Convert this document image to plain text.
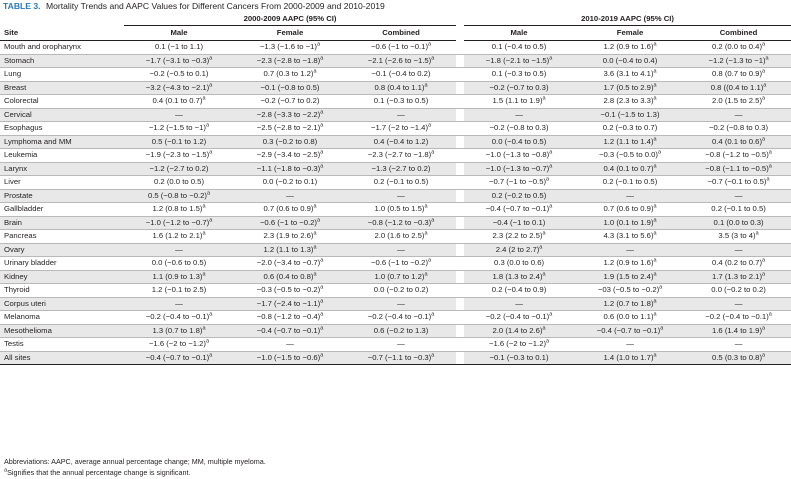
TABLE 3. Mortality Trends and AAPC Values for Different Cancers From 2000-2009 and 2010-2019
	2000-2009 AAPC (95% CI)				2010-2019 AAPC (95% CI)		
Site	Male	Female	Combined		Male	Female	Combined
Mouth and oropharynx	0.1 (−1 to 1.1)	−1.3 (−1.6 to −1)$^a$	−0.6 (−1 to −0.1)$^a$		0.1 (−0.4 to 0.5)	1.2 (0.9 to 1.6)$^a$	0.2 (0.0 to 0.4)$^a$
Stomach	−1.7 (−3.1 to −0.3)$^a$	−2.3 (−2.8 to −1.8)$^a$	−2.1 (−2.6 to −1.5)$^a$		−1.8 (−2.1 to −1.5)$^a$	0.0 (−0.4 to 0.4)	−1.2 (−1.3 to −1)$^a$
Lung	−0.2 (−0.5 to 0.1)	0.7 (0.3 to 1.2)$^a$	−0.1 (−0.4 to 0.2)		0.1 (−0.3 to 0.5)	3.6 (3.1 to 4.1)$^a$	0.8 (0.7 to 0.9)$^a$
Breast	−3.2 (−4.3 to −2.1)$^a$	−0.1 (−0.8 to 0.5)	0.8 (0.4 to 1.1)$^a$		−0.2 (−0.7 to 0.3)	1.7 (0.5 to 2.9)$^a$	0.8 ((0.4 to 1.1)$^a$
Colorectal	0.4 (0.1 to 0.7)$^a$	−0.2 (−0.7 to 0.2)	0.1 (−0.3 to 0.5)		1.5 (1.1 to 1.9)$^a$	2.8 (2.3 to 3.3)$^a$	2.0 (1.5 to 2.5)$^a$
Cervical	—	−2.8 (−3.3 to −2.2)$^a$	—		—	−0.1 (−1.5 to 1.3)	—
Esophagus	−1.2 (−1.5 to −1)$^a$	−2.5 (−2.8 to −2.1)$^a$	−1.7 (−2 to −1.4)$^a$		−0.2 (−0.8 to 0.3)	0.2 (−0.3 to 0.7)	−0.2 (−0.8 to 0.3)
Lymphoma and MM	0.5 (−0.1 to 1.2)	0.3 (−0.2 to 0.8)	0.4 (−0.4 to 1.2)		0.0 (−0.4 to 0.5)	1.2 (1.1 to 1.4)$^a$	0.4 (0.1 to 0.6)$^a$
Leukemia	−1.9 (−2.3 to −1.5)$^a$	−2.9 (−3.4 to −2.5)$^a$	−2.3 (−2.7 to −1.8)$^a$		−1.0 (−1.3 to −0.8)$^a$	−0.3 (−0.5 to 0.0)$^a$	−0.8 (−1.2 to −0.5)$^a$
Larynx	−1.2 (−2.7 to 0.2)	−1.1 (−1.8 to −0.3)$^a$	−1.3 (−2.7 to 0.2)		−1.0 (−1.3 to −0.7)$^a$	0.4 (0.1 to 0.7)$^a$	−0.8 (−1.1 to −0.5)$^a$
Liver	0.2 (0.0 to 0.5)	0.0 (−0.2 to 0.1)	0.2 (−0.1 to 0.5)		−0.7 (−1 to −0.5)$^a$	0.2 (−0.1 to 0.5)	−0.7 (−0.1 to 0.5)$^a$
Prostate	0.5 (−0.8 to −0.2)$^a$	—	—		0.2 (−0.2 to 0.5)	—	—
Gallbladder	1.2 (0.8 to 1.5)$^a$	0.7 (0.6 to 0.9)$^a$	1.0 (0.5 to 1.5)$^a$		−0.4 (−0.7 to −0.1)$^a$	0.7 (0.6 to 0.9)$^a$	0.2 (−0.1 to 0.5)
Brain	−1.0 (−1.2 to −0.7)$^a$	−0.6 (−1 to −0.2)$^a$	−0.8 (−1.2 to −0.3)$^a$		−0.4 (−1 to 0.1)	1.0 (0.1 to 1.9)$^a$	0.1 (0.0 to 0.3)
Pancreas	1.6 (1.2 to 2.1)$^a$	2.3 (1.9 to 2.6)$^a$	2.0 (1.6 to 2.5)$^a$		2.3 (2.2 to 2.5)$^a$	4.3 (3.1 to 5.6)$^a$	3.5 (3 to 4)$^a$
Ovary	—	1.2 (1.1 to 1.3)$^a$	—		2.4 (2 to 2.7)$^a$	—	—
Urinary bladder	0.0 (−0.6 to 0.5)	−2.0 (−3.4 to −0.7)$^a$	−0.6 (−1 to −0.2)$^a$		0.3 (0.0 to 0.6)	1.2 (0.9 to 1.6)$^a$	0.4 (0.2 to 0.7)$^a$
Kidney	1.1 (0.9 to 1.3)$^a$	0.6 (0.4 to 0.8)$^a$	1.0 (0.7 to 1.2)$^a$		1.8 (1.3 to 2.4)$^a$	1.9 (1.5 to 2.4)$^a$	1.7 (1.3 to 2.1)$^a$
Thyroid	1.2 (−0.1 to 2.5)	−0.3 (−0.5 to −0.2)$^a$	0.0 (−0.2 to 0.2)		0.2 (−0.4 to 0.9)	−03 (−0.5 to −0.2)$^a$	0.0 (−0.2 to 0.2)
Corpus uteri	—	−1.7 (−2.4 to −1.1)$^a$	—		—	1.2 (0.7 to 1.8)$^a$	—
Melanoma	−0.2 (−0.4 to −0.1)$^a$	−0.8 (−1.2 to −0.4)$^a$	−0.2 (−0.4 to −0.1)$^a$		−0.2 (−0.4 to −0.1)$^a$	0.6 (0.0 to 1.1)$^a$	−0.2 (−0.4 to −0.1)$^a$
Mesothelioma	1.3 (0.7 to 1.8)$^a$	−0.4 (−0.7 to −0.1)$^a$	0.6 (−0.2 to 1.3)		2.0 (1.4 to 2.6)$^a$	−0.4 (−0.7 to −0.1)$^a$	1.6 (1.4 to 1.9)$^a$
Testis	−1.6 (−2 to −1.2)$^a$	—	—		−1.6 (−2 to −1.2)$^a$	—	—
All sites	−0.4 (−0.7 to −0.1)$^a$	−1.0 (−1.5 to −0.6)$^a$	−0.7 (−1.1 to −0.3)$^a$		−0.1 (−0.3 to 0.1)	1.4 (1.0 to 1.7)$^a$	0.5 (0.3 to 0.8)$^a$
Abbreviations: AAPC, average annual percentage change; MM, multiple myeloma.
$^a$Signifies that the annual percentage change is significant.
